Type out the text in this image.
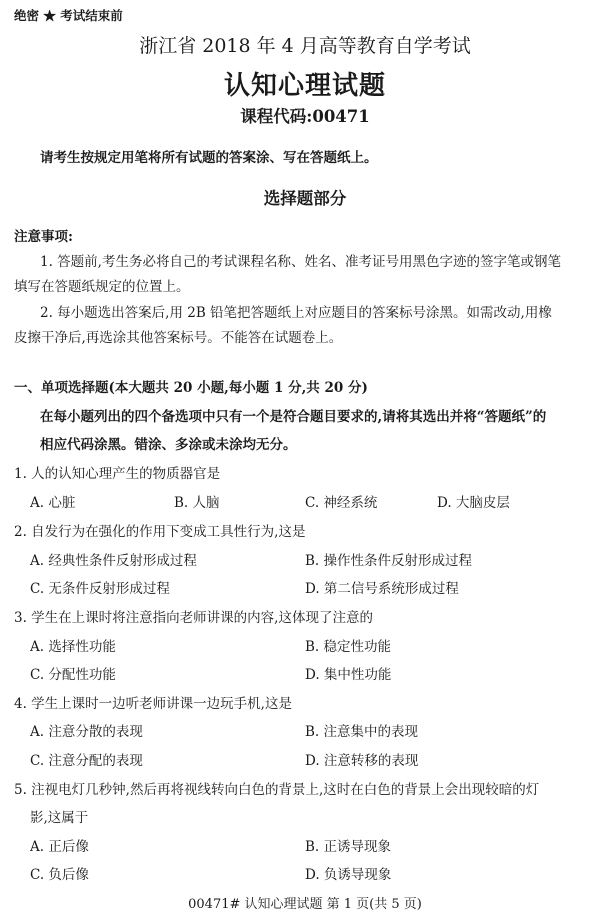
绝密 ★ 考试结束前
浙江省 2018 年 4 月高等教育自学考试
认知心理试题
课程代码:00471
请考生按规定用笔将所有试题的答案涂、写在答题纸上。
选择题部分
注意事项:
1. 答题前,考生务必将自己的考试课程名称、姓名、准考证号用黑色字迹的签字笔或钢笔
填写在答题纸规定的位置上。
2. 每小题选出答案后,用 2B 铅笔把答题纸上对应题目的答案标号涂黑。如需改动,用橡
皮擦干净后,再选涂其他答案标号。不能答在试题卷上。
一、单项选择题(本大题共 20 小题,每小题 1 分,共 20 分)
在每小题列出的四个备选项中只有一个是符合题目要求的,请将其选出并将“答题纸”的
相应代码涂黑。错涂、多涂或未涂均无分。
1. 人的认知心理产生的物质器官是
A. 心脏	B. 人脑	C. 神经系统	D. 大脑皮层
2. 自发行为在强化的作用下变成工具性行为,这是
A. 经典性条件反射形成过程	B. 操作性条件反射形成过程
C. 无条件反射形成过程	D. 第二信号系统形成过程
3. 学生在上课时将注意指向老师讲课的内容,这体现了注意的
A. 选择性功能	B. 稳定性功能
C. 分配性功能	D. 集中性功能
4. 学生上课时一边听老师讲课一边玩手机,这是
A. 注意分散的表现	B. 注意集中的表现
C. 注意分配的表现	D. 注意转移的表现
5. 注视电灯几秒钟,然后再将视线转向白色的背景上,这时在白色的背景上会出现较暗的灯
影,这属于
A. 正后像	B. 正诱导现象
C. 负后像	D. 负诱导现象
00471# 认知心理试题 第 1 页(共 5 页)
